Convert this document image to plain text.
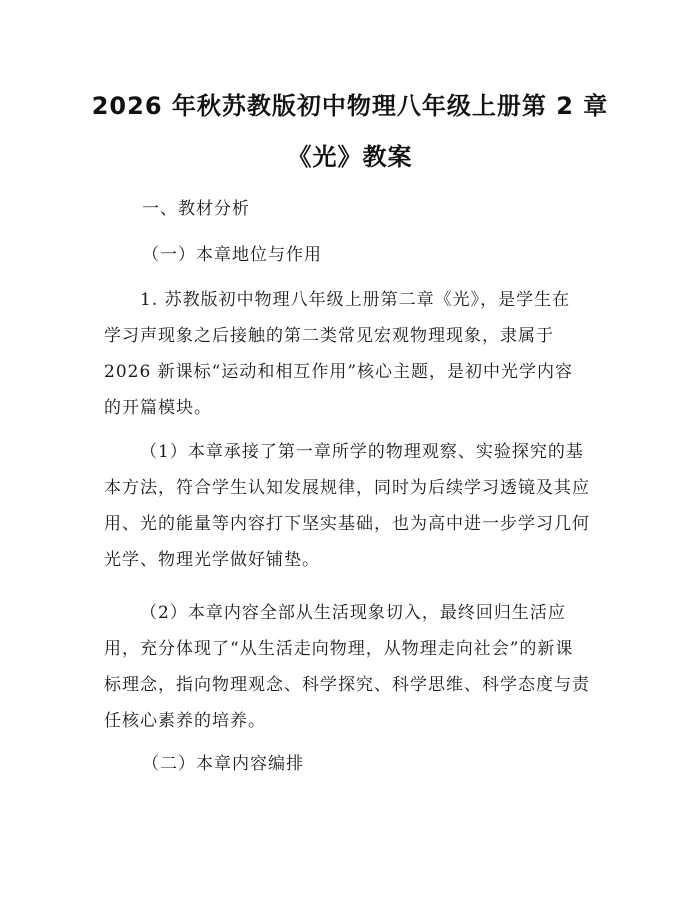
2026 年秋苏教版初中物理八年级上册第 2 章
《光》教案
一、教材分析
（一）本章地位与作用
1. 苏教版初中物理八年级上册第二章《光》，是学生在
学习声现象之后接触的第二类常见宏观物理现象，隶属于
2026 新课标“运动和相互作用”核心主题，是初中光学内容
的开篇模块。
（1）本章承接了第一章所学的物理观察、实验探究的基
本方法，符合学生认知发展规律，同时为后续学习透镜及其应
用、光的能量等内容打下坚实基础，也为高中进一步学习几何
光学、物理光学做好铺垫。
（2）本章内容全部从生活现象切入，最终回归生活应
用，充分体现了“从生活走向物理，从物理走向社会”的新课
标理念，指向物理观念、科学探究、科学思维、科学态度与责
任核心素养的培养。
（二）本章内容编排
